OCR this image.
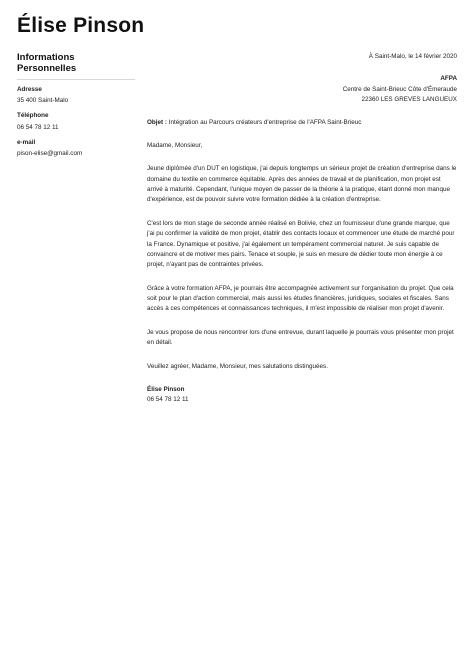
Élise Pinson
Informations Personnelles
Adresse
35 400 Saint-Malo
Téléphone
06 54 78 12 11
e-mail
pison-elise@gmail.com
À Saint-Malo, le 14 février 2020
AFPA
Centre de Saint-Brieuc Côte d'Émeraude
22360 LES GREVES LANGUEUX
Objet : Intégration au Parcours créateurs d'entreprise de l'AFPA Saint-Brieuc
Madame, Monsieur,
Jeune diplômée d'un DUT en logistique, j'ai depuis longtemps un sérieux projet de création d'entreprise dans le domaine du textile en commerce équitable. Après des années de travail et de planification, mon projet est arrivé à maturité. Cependant, l'unique moyen de passer de la théorie à la pratique, étant donné mon manque d'expérience, est de pouvoir suivre votre formation dédiée à la création d'entreprise.
C'est lors de mon stage de seconde année réalisé en Bolivie, chez un fournisseur d'une grande marque, que j'ai pu confirmer la validité de mon projet, établir des contacts locaux et commencer une étude de marché pour la France. Dynamique et positive, j'ai également un tempérament commercial naturel. Je suis capable de convaincre et de motiver mes pairs. Tenace et souple, je suis en mesure de dédier toute mon énergie à ce projet, n'ayant pas de contraintes privées.
Grâce à votre formation AFPA, je pourrais être accompagnée activement sur l'organisation du projet. Que cela soit pour le plan d'action commercial, mais aussi les études financières, juridiques, sociales et fiscales. Sans accès à ces compétences et connaissances techniques, il m'est impossible de réaliser mon projet d'avenir.
Je vous propose de nous rencontrer lors d'une entrevue, durant laquelle je pourrais vous présenter mon projet en détail.
Veuillez agréer, Madame, Monsieur, mes salutations distinguées.
Élise Pinson
06 54 78 12 11
